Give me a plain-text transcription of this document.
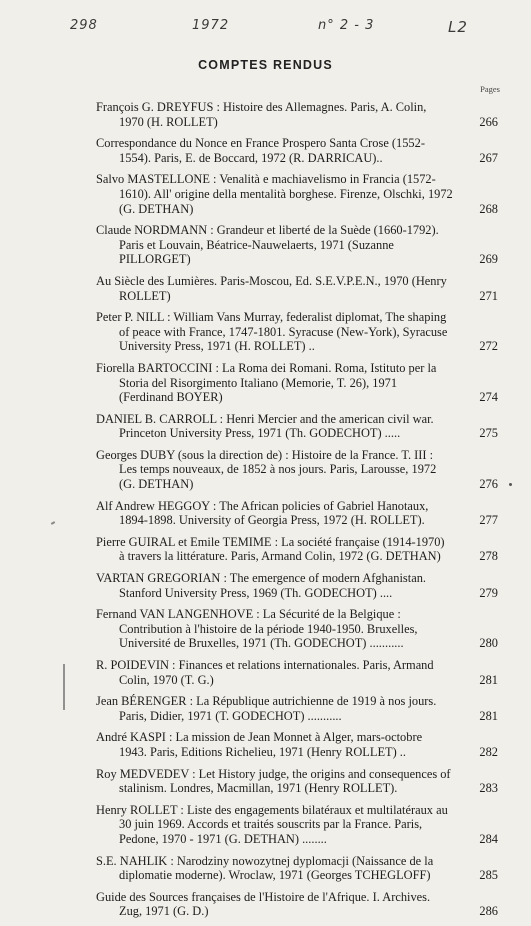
298	1972	n° 2 - 3	L2
COMPTES RENDUS
Pages
François G. DREYFUS : Histoire des Allemagnes. Paris, A. Colin, 1970 (H. ROLLET)	266
Correspondance du Nonce en France Prospero Santa Crose (1552-1554). Paris, E. de Boccard, 1972 (R. DARRICAU)..	267
Salvo MASTELLONE : Venalità e machiavelismo in Francia (1572-1610). All' origine della mentalità borghese. Firenze, Olschki, 1972 (G. DETHAN)	268
Claude NORDMANN : Grandeur et liberté de la Suède (1660-1792). Paris et Louvain, Béatrice-Nauwelaerts, 1971 (Suzanne PILLORGET)	269
Au Siècle des Lumières. Paris-Moscou, Ed. S.E.V.P.E.N., 1970 (Henry ROLLET)	271
Peter P. NILL : William Vans Murray, federalist diplomat, The shaping of peace with France, 1747-1801. Syracuse (New-York), Syracuse University Press, 1971 (H. ROLLET) ..	272
Fiorella BARTOCCINI : La Roma dei Romani. Roma, Istituto per la Storia del Risorgimento Italiano (Memorie, T. 26), 1971 (Ferdinand BOYER)	274
DANIEL B. CARROLL : Henri Mercier and the american civil war. Princeton University Press, 1971 (Th. GODECHOT) .....	275
Georges DUBY (sous la direction de) : Histoire de la France. T. III : Les temps nouveaux, de 1852 à nos jours. Paris, Larousse, 1972 (G. DETHAN)	276
Alf Andrew HEGGOY : The African policies of Gabriel Hanotaux, 1894-1898. University of Georgia Press, 1972 (H. ROLLET).	277
Pierre GUIRAL et Emile TEMIME : La société française (1914-1970) à travers la littérature. Paris, Armand Colin, 1972 (G. DETHAN)	278
VARTAN GREGORIAN : The emergence of modern Afghanistan. Stanford University Press, 1969 (Th. GODECHOT) ....	279
Fernand VAN LANGENHOVE : La Sécurité de la Belgique : Contribution à l'histoire de la période 1940-1950. Bruxelles, Université de Bruxelles, 1971 (Th. GODECHOT) ...........	280
R. POIDEVIN : Finances et relations internationales. Paris, Armand Colin, 1970 (T. G.)	281
Jean BÉRENGER : La République autrichienne de 1919 à nos jours. Paris, Didier, 1971 (T. GODECHOT) ...........	281
André KASPI : La mission de Jean Monnet à Alger, mars-octobre 1943. Paris, Editions Richelieu, 1971 (Henry ROLLET) ..	282
Roy MEDVEDEV : Let History judge, the origins and consequences of stalinism. Londres, Macmillan, 1971 (Henry ROLLET).	283
Henry ROLLET : Liste des engagements bilatéraux et multilatéraux au 30 juin 1969. Accords et traités souscrits par la France. Paris, Pedone, 1970 - 1971 (G. DETHAN) ........	284
S.E. NAHLIK : Narodziny nowozytnej dyplomacji (Naissance de la diplomatie moderne). Wroclaw, 1971 (Georges TCHEGLOFF)	285
Guide des Sources françaises de l'Histoire de l'Afrique. I. Archives. Zug, 1971 (G. D.)	286
